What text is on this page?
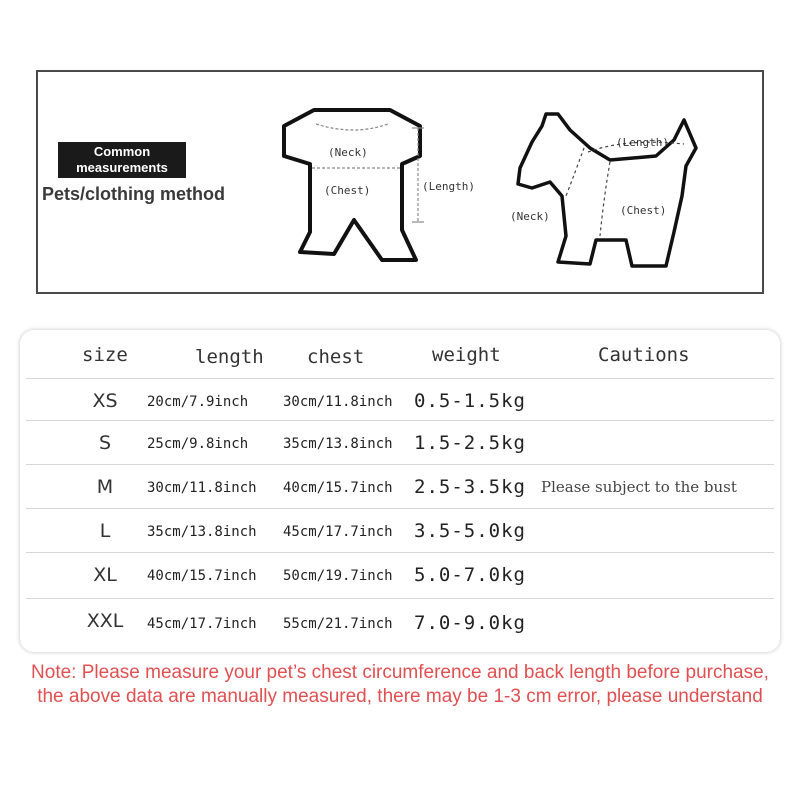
Common
measurements
Pets/clothing method
(Neck)
(Chest)	(Length)
(Length)
(Neck)	(Chest)
size	length chest	weight	Cautions
XS	20cm/7.9inch 30cm/11.8inch 0.5-1.5kg
S	25cm/9.8inch 35cm/13.8inch 1.5-2.5kg
M	30cm/11.8inch 40cm/15.7inch 2.5-3.5kg Please subject to the bust
L	35cm/13.8inch 45cm/17.7inch 3.5-5.0kg
XL	40cm/15.7inch 50cm/19.7inch 5.0-7.0kg
XXL	45cm/17.7inch 55cm/21.7inch 7.0-9.0kg
Note: Please measure your pet’s chest circumference and back length before purchase,
the above data are manually measured, there may be 1-3 cm error, please understand
